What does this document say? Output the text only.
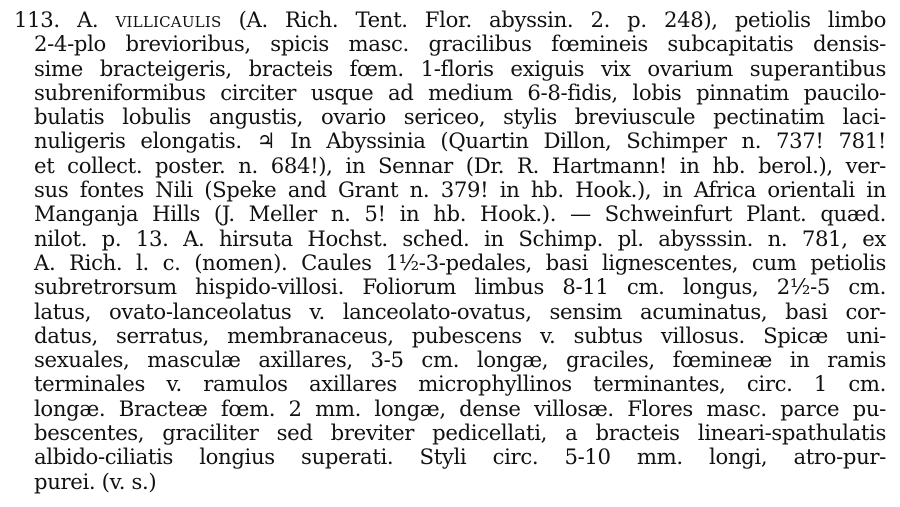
113. A. villicaulis (A. Rich. Tent. Flor. abyssin. 2. p. 248), petiolis limbo
2-4-plo brevioribus, spicis masc. gracilibus fœmineis subcapitatis densis-
sime bracteigeris, bracteis fœm. 1-floris exiguis vix ovarium superantibus
subreniformibus circiter usque ad medium 6-8-fidis, lobis pinnatim paucilo-
bulatis lobulis angustis, ovario sericeo, stylis breviuscule pectinatim laci-
nuligeris elongatis. ♃ In Abyssinia (Quartin Dillon, Schimper n. 737! 781!
et collect. poster. n. 684!), in Sennar (Dr. R. Hartmann! in hb. berol.), ver-
sus fontes Nili (Speke and Grant n. 379! in hb. Hook.), in Africa orientali in
Manganja Hills (J. Meller n. 5! in hb. Hook.). — Schweinfurt Plant. quæd.
nilot. p. 13. A. hirsuta Hochst. sched. in Schimp. pl. abysssin. n. 781, ex
A. Rich. l. c. (nomen). Caules 1½-3-pedales, basi lignescentes, cum petiolis
subretrorsum hispido-villosi. Foliorum limbus 8-11 cm. longus, 2½-5 cm.
latus, ovato-lanceolatus v. lanceolato-ovatus, sensim acuminatus, basi cor-
datus, serratus, membranaceus, pubescens v. subtus villosus. Spicæ uni-
sexuales, masculæ axillares, 3-5 cm. longæ, graciles, fœmineæ in ramis
terminales v. ramulos axillares microphyllinos terminantes, circ. 1 cm.
longæ. Bracteæ fœm. 2 mm. longæ, dense villosæ. Flores masc. parce pu-
bescentes, graciliter sed breviter pedicellati, a bracteis lineari-spathulatis
albido-ciliatis longius superati. Styli circ. 5-10 mm. longi, atro-pur-
purei. (v. s.)
